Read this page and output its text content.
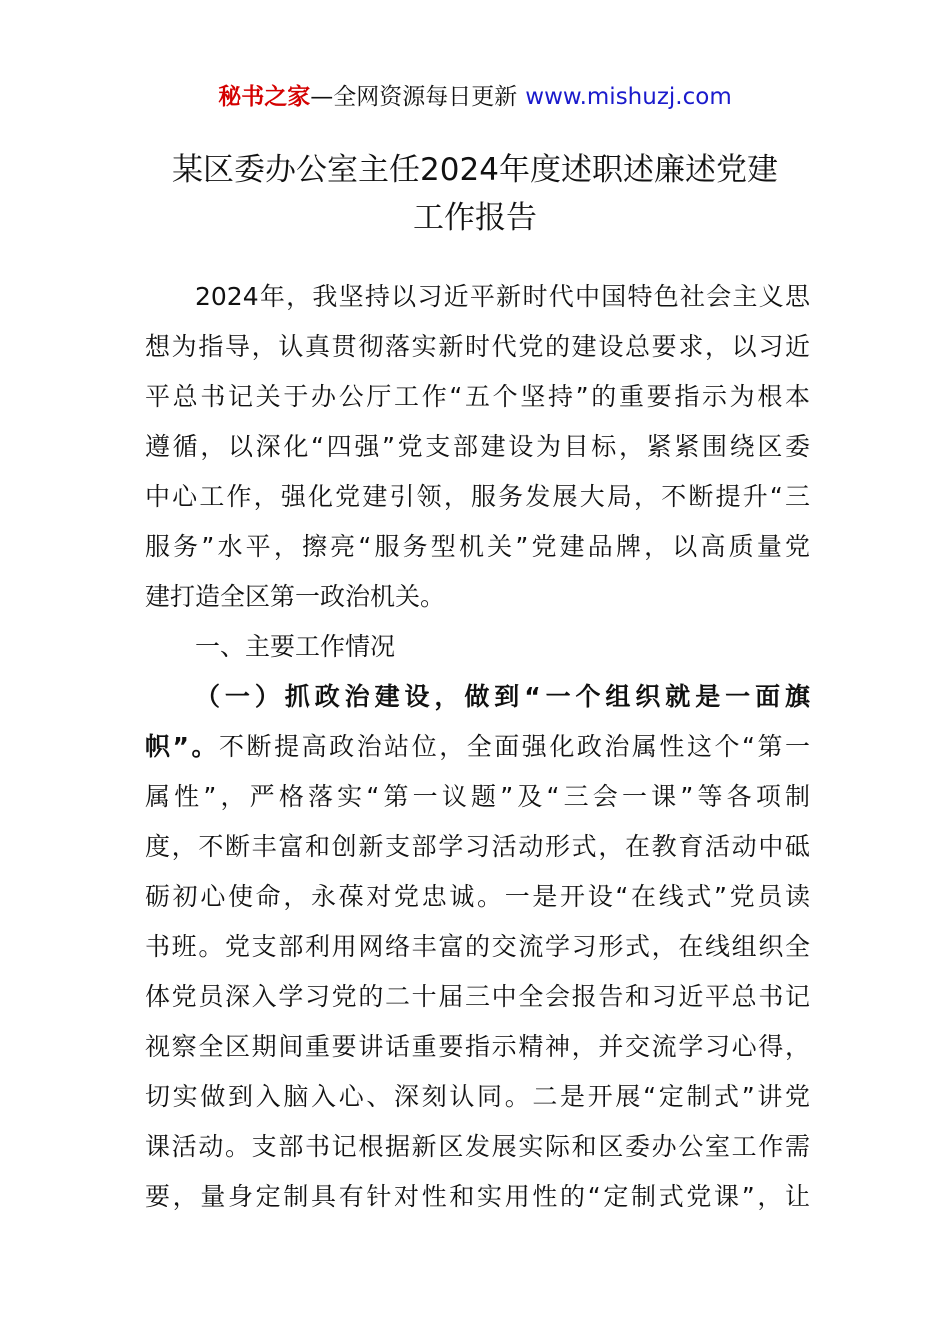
秘书之家—全网资源每日更新 www.mishuzj.com
某区委办公室主任2024年度述职述廉述党建
工作报告
2024年，我坚持以习近平新时代中国特色社会主义思
想为指导，认真贯彻落实新时代党的建设总要求，以习近
平总书记关于办公厅工作“五个坚持”的重要指示为根本
遵循，以深化“四强”党支部建设为目标，紧紧围绕区委
中心工作，强化党建引领，服务发展大局，不断提升“三
服务”水平，擦亮“服务型机关”党建品牌，以高质量党
建打造全区第一政治机关。
一、主要工作情况
（一）抓政治建设，做到“一个组织就是一面旗
帜”。不断提高政治站位，全面强化政治属性这个“第一
属性”，严格落实“第一议题”及“三会一课”等各项制
度，不断丰富和创新支部学习活动形式，在教育活动中砥
砺初心使命，永葆对党忠诚。一是开设“在线式”党员读
书班。党支部利用网络丰富的交流学习形式，在线组织全
体党员深入学习党的二十届三中全会报告和习近平总书记
视察全区期间重要讲话重要指示精神，并交流学习心得，
切实做到入脑入心、深刻认同。二是开展“定制式”讲党
课活动。支部书记根据新区发展实际和区委办公室工作需
要，量身定制具有针对性和实用性的“定制式党课”，让
